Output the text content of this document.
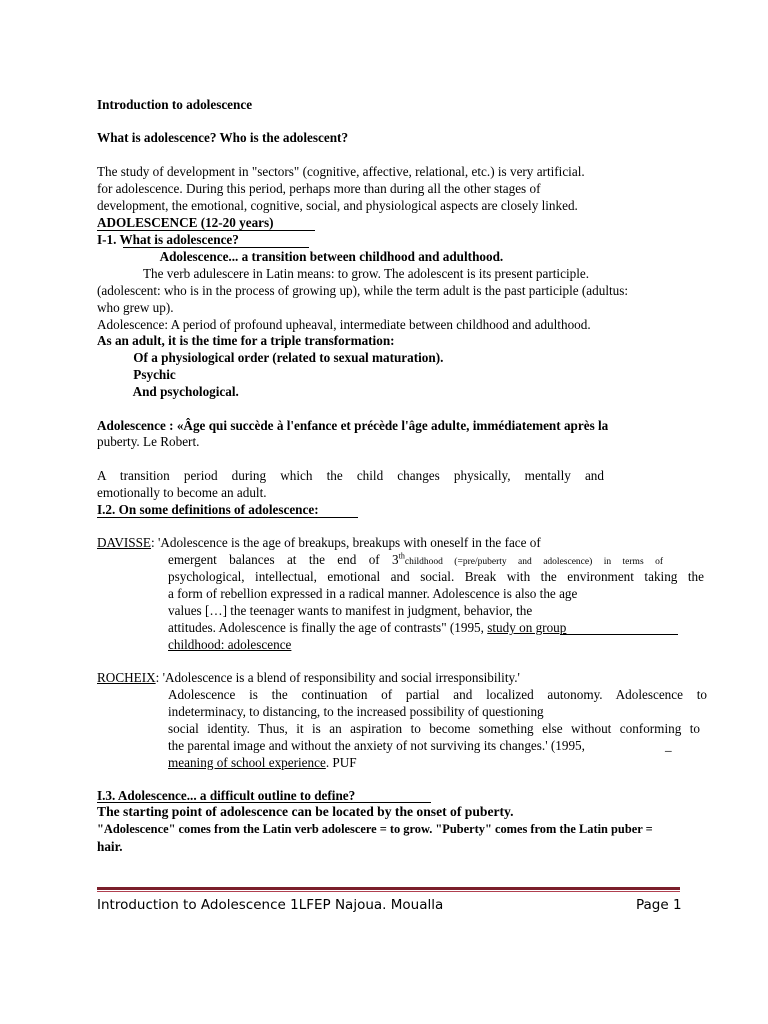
Introduction to adolescence
What is adolescence? Who is the adolescent?
The study of development in "sectors" (cognitive, affective, relational, etc.) is very artificial.
for adolescence. During this period, perhaps more than during all the other stages of
development, the emotional, cognitive, social, and physiological aspects are closely linked.
ADOLESCENCE (12-20 years)
I-1. What is adolescence?
Adolescence... a transition between childhood and adulthood.
The verb adulescere in Latin means: to grow. The adolescent is its present participle.
(adolescent: who is in the process of growing up), while the term adult is the past participle (adultus:
who grew up).
Adolescence: A period of profound upheaval, intermediate between childhood and adulthood.
As an adult, it is the time for a triple transformation:
Of a physiological order (related to sexual maturation).
Psychic
And psychological.
Adolescence : «Âge qui succède à l'enfance et précède l'âge adulte, immédiatement après la
puberty. Le Robert.
A transition period during which the child changes physically, mentally and
emotionally to become an adult.
I.2. On some definitions of adolescence:
DAVISSE: 'Adolescence is the age of breakups, breakups with oneself in the face of
emergent balances at the end of 3thchildhood (=pre/puberty and adolescence) in terms of
psychological, intellectual, emotional and social. Break with the environment taking the
a form of rebellion expressed in a radical manner. Adolescence is also the age
values […] the teenager wants to manifest in judgment, behavior, the
attitudes. Adolescence is finally the age of contrasts" (1995, study on group
childhood: adolescence
ROCHEIX: 'Adolescence is a blend of responsibility and social irresponsibility.'
Adolescence is the continuation of partial and localized autonomy. Adolescence to
indeterminacy, to distancing, to the increased possibility of questioning
social identity. Thus, it is an aspiration to become something else without conforming to
the parental image and without the anxiety of not surviving its changes.' (1995,	_
meaning of school experience. PUF
I.3. Adolescence... a difficult outline to define?
The starting point of adolescence can be located by the onset of puberty.
"Adolescence" comes from the Latin verb adolescere = to grow. "Puberty" comes from the Latin puber =
hair.
Introduction to Adolescence 1LFEP Najoua. Moualla	Page 1
